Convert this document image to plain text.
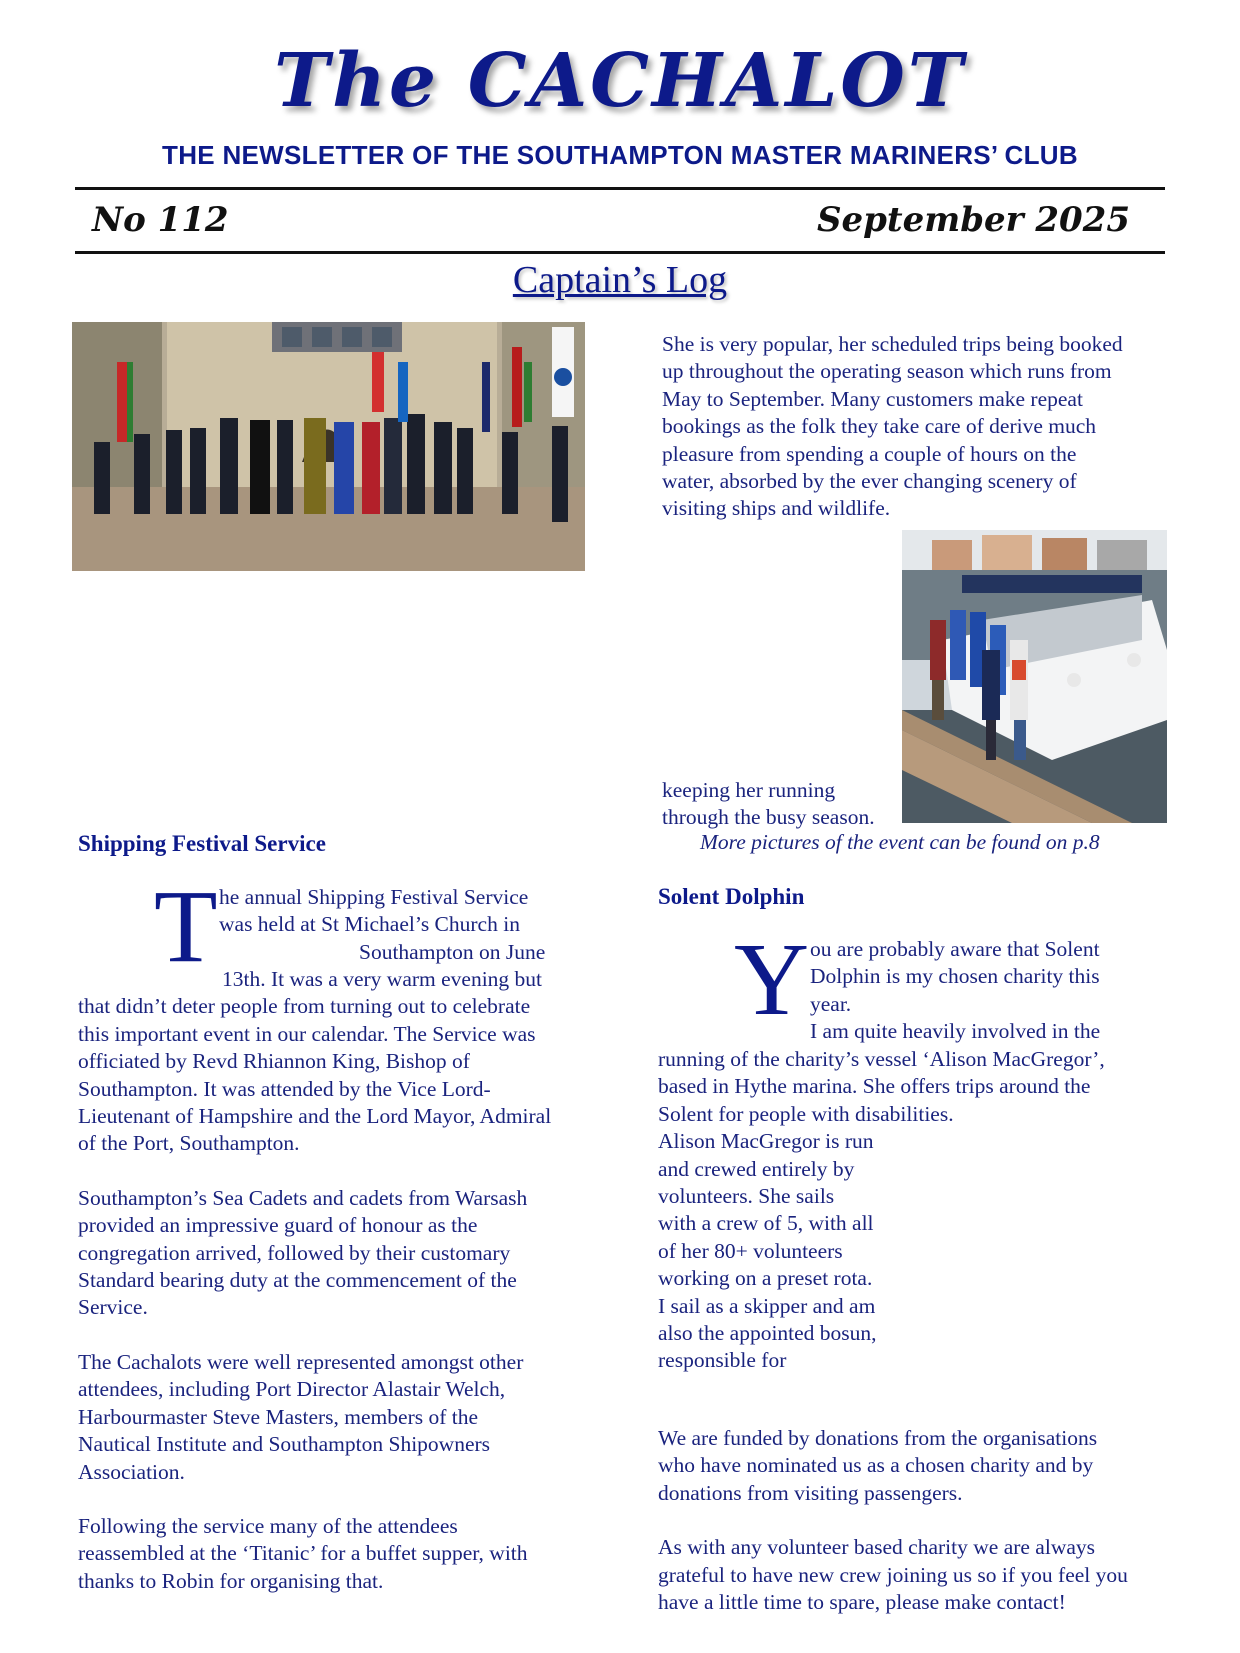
The CACHALOT
THE NEWSLETTER OF THE SOUTHAMPTON MASTER MARINERS’ CLUB
No 112	September 2025
Captain’s Log

She is very popular, her scheduled trips being booked

up throughout the operating season which runs from

May to September. Many customers make repeat

bookings as the folk they take care of derive much

pleasure from spending a couple of hours on the

water, absorbed by the ever changing scenery of

visiting ships and wildlife.

keeping her running

through the busy season.

More pictures of the event can be found on p.8
Shipping Festival Service
T he annual Shipping Festival Service

was held at St Michael’s Church in

Southampton on June

13th. It was a very warm evening but

that didn’t deter people from turning out to celebrate

this important event in our calendar. The Service was

officiated by Revd Rhiannon King, Bishop of

Southampton. It was attended by the Vice Lord-

Lieutenant of Hampshire and the Lord Mayor, Admiral

of the Port, Southampton.

Southampton’s Sea Cadets and cadets from Warsash

provided an impressive guard of honour as the

congregation arrived, followed by their customary

Standard bearing duty at the commencement of the

Service.

The Cachalots were well represented amongst other

attendees, including Port Director Alastair Welch,

Harbourmaster Steve Masters, members of the

Nautical Institute and Southampton Shipowners

Association.

Following the service many of the attendees

reassembled at the ‘Titanic’ for a buffet supper, with

thanks to Robin for organising that.

Solent Dolphin
Y ou are probably aware that Solent

Dolphin is my chosen charity this

year.

I am quite heavily involved in the

running of the charity’s vessel ‘Alison MacGregor’,

based in Hythe marina. She offers trips around the

Solent for people with disabilities.

Alison MacGregor is run

and crewed entirely by

volunteers. She sails

with a crew of 5, with all

of her 80+ volunteers

working on a preset rota.

I sail as a skipper and am

also the appointed bosun,

responsible for

We are funded by donations from the organisations

who have nominated us as a chosen charity and by

donations from visiting passengers.

As with any volunteer based charity we are always

grateful to have new crew joining us so if you feel you

have a little time to spare, please make contact!
